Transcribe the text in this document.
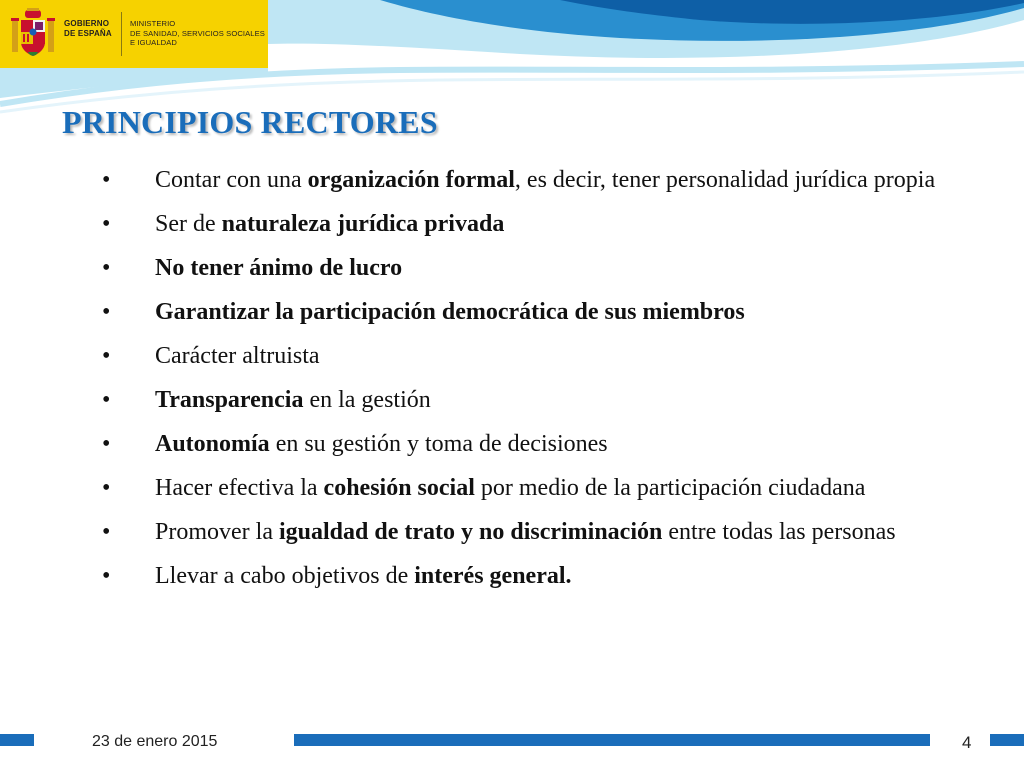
GOBIERNO
DE ESPAÑA
MINISTERIO
DE SANIDAD, SERVICIOS SOCIALES
E IGUALDAD
PRINCIPIOS RECTORES
• Contar con una organización formal, es decir, tener personalidad jurídica propia
• Ser de naturaleza jurídica privada
• No tener ánimo de lucro
• Garantizar la participación democrática de sus miembros
• Carácter altruista
• Transparencia en la gestión
• Autonomía en su gestión y toma de decisiones
• Hacer efectiva la cohesión social por medio de la participación ciudadana
• Promover la igualdad de trato y no discriminación entre todas las personas
• Llevar a cabo objetivos de interés general.
23 de enero 2015	4
